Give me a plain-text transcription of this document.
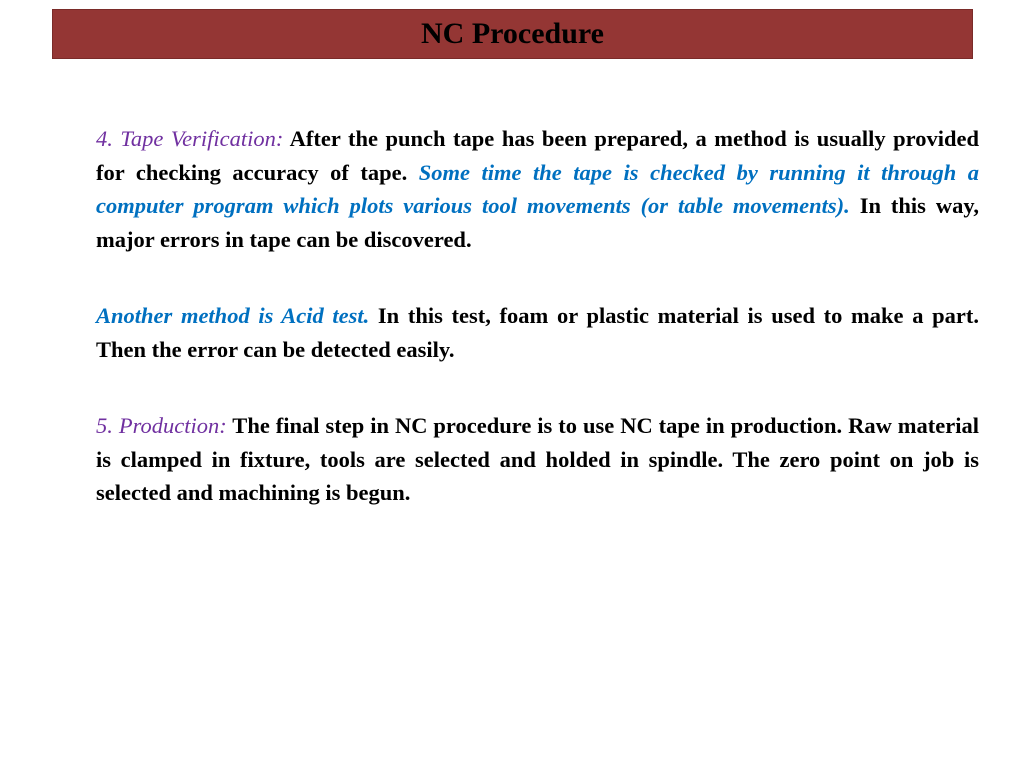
NC Procedure

4. Tape Verification: After the punch tape has been prepared, a method is usually provided for checking accuracy of tape. Some time the tape is checked by running it through a computer program which plots various tool movements (or table movements). In this way, major errors in tape can be discovered.

Another method is Acid test. In this test, foam or plastic material is used to make a part. Then the error can be detected easily.

5. Production: The final step in NC procedure is to use NC tape in production. Raw material is clamped in fixture, tools are selected and holded in spindle. The zero point on job is selected and machining is begun.
